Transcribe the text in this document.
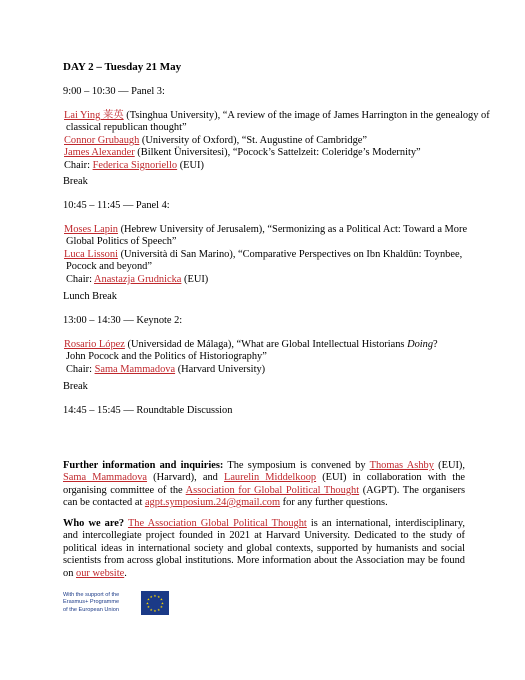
DAY 2 – Tuesday 21 May
9:00 – 10:30 — Panel 3:
Lai Ying 莱英 (Tsinghua University), “A review of the image of James Harrington in the genealogy of
classical republican thought”
Connor Grubaugh (University of Oxford), “St. Augustine of Cambridge”
James Alexander (Bilkent Üniversitesi), “Pocock’s Sattelzeit: Coleridge’s Modernity”
Chair: Federica Signoriello (EUI)
Break
10:45 – 11:45 — Panel 4:
Moses Lapin (Hebrew University of Jerusalem), “Sermonizing as a Political Act: Toward a More
Global Politics of Speech”
Luca Lissoni (Università di San Marino), “Comparative Perspectives on Ibn Khaldūn: Toynbee,
Pocock and beyond”
Chair: Anastazja Grudnicka (EUI)
Lunch Break
13:00 – 14:30 — Keynote 2:
Rosario López (Universidad de Málaga), “What are Global Intellectual Historians Doing?
John Pocock and the Politics of Historiography”
Chair: Sama Mammadova (Harvard University)
Break
14:45 – 15:45 — Roundtable Discussion
Further information and inquiries: The symposium is convened by Thomas Ashby (EUI), Sama Mammadova (Harvard), and Laurelin Middelkoop (EUI) in collaboration with the organising committee of the Association for Global Political Thought (AGPT). The organisers can be contacted at agpt.symposium.24@gmail.com for any further questions.
Who we are? The Association Global Political Thought is an international, interdisciplinary, and intercollegiate project founded in 2021 at Harvard University. Dedicated to the study of political ideas in international society and global contexts, supported by humanists and social scientists from across global institutions. More information about the Association may be found on our website.
With the support of the
Erasmus+ Programme
of the European Union
★ ★
★
★
★
★
★
★
★
★
★
★
